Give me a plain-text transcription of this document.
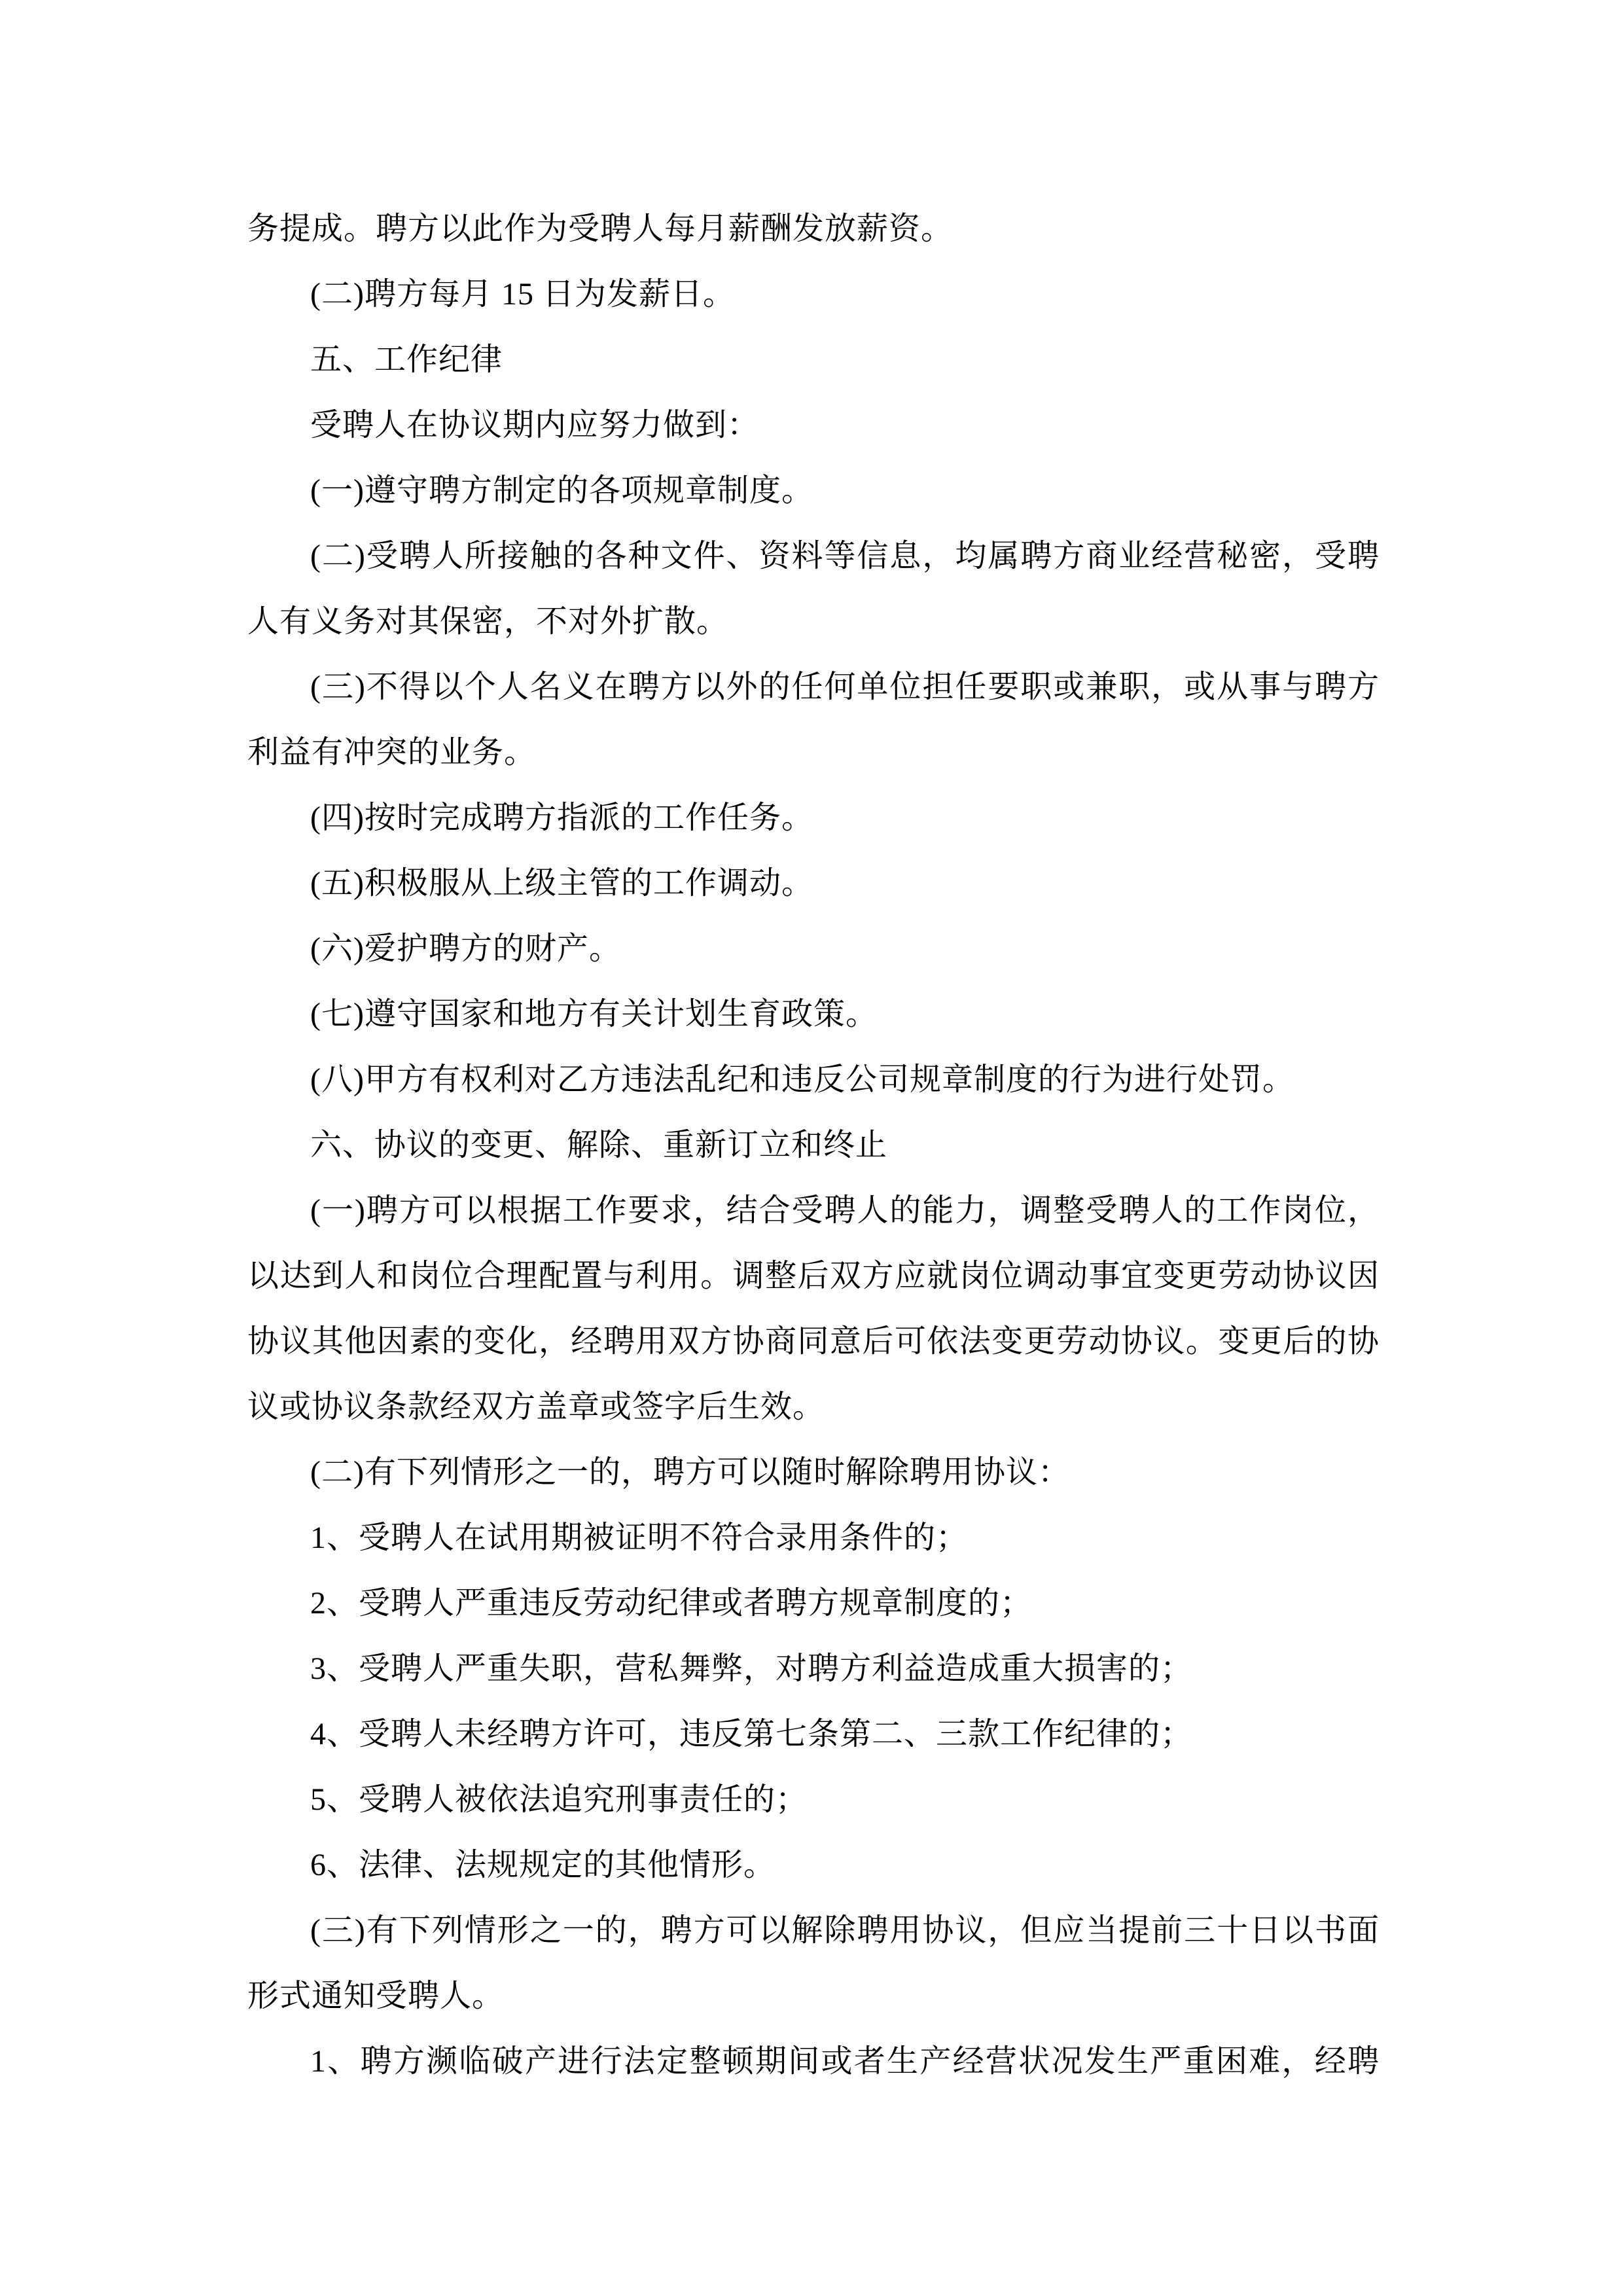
务提成。聘方以此作为受聘人每月薪酬发放薪资。

(二)聘方每月 15 日为发薪日。

五、工作纪律

受聘人在协议期内应努力做到：

(一)遵守聘方制定的各项规章制度。

(二)受聘人所接触的各种文件、资料等信息，均属聘方商业经营秘密，受聘

人有义务对其保密，不对外扩散。

(三)不得以个人名义在聘方以外的任何单位担任要职或兼职，或从事与聘方

利益有冲突的业务。

(四)按时完成聘方指派的工作任务。

(五)积极服从上级主管的工作调动。

(六)爱护聘方的财产。

(七)遵守国家和地方有关计划生育政策。

(八)甲方有权利对乙方违法乱纪和违反公司规章制度的行为进行处罚。

六、协议的变更、解除、重新订立和终止

(一)聘方可以根据工作要求，结合受聘人的能力，调整受聘人的工作岗位，

以达到人和岗位合理配置与利用。调整后双方应就岗位调动事宜变更劳动协议因

协议其他因素的变化，经聘用双方协商同意后可依法变更劳动协议。变更后的协

议或协议条款经双方盖章或签字后生效。

(二)有下列情形之一的，聘方可以随时解除聘用协议：

1、受聘人在试用期被证明不符合录用条件的；

2、受聘人严重违反劳动纪律或者聘方规章制度的；

3、受聘人严重失职，营私舞弊，对聘方利益造成重大损害的；

4、受聘人未经聘方许可，违反第七条第二、三款工作纪律的；

5、受聘人被依法追究刑事责任的；

6、法律、法规规定的其他情形。

(三)有下列情形之一的，聘方可以解除聘用协议，但应当提前三十日以书面

形式通知受聘人。

1、聘方濒临破产进行法定整顿期间或者生产经营状况发生严重困难，经聘
